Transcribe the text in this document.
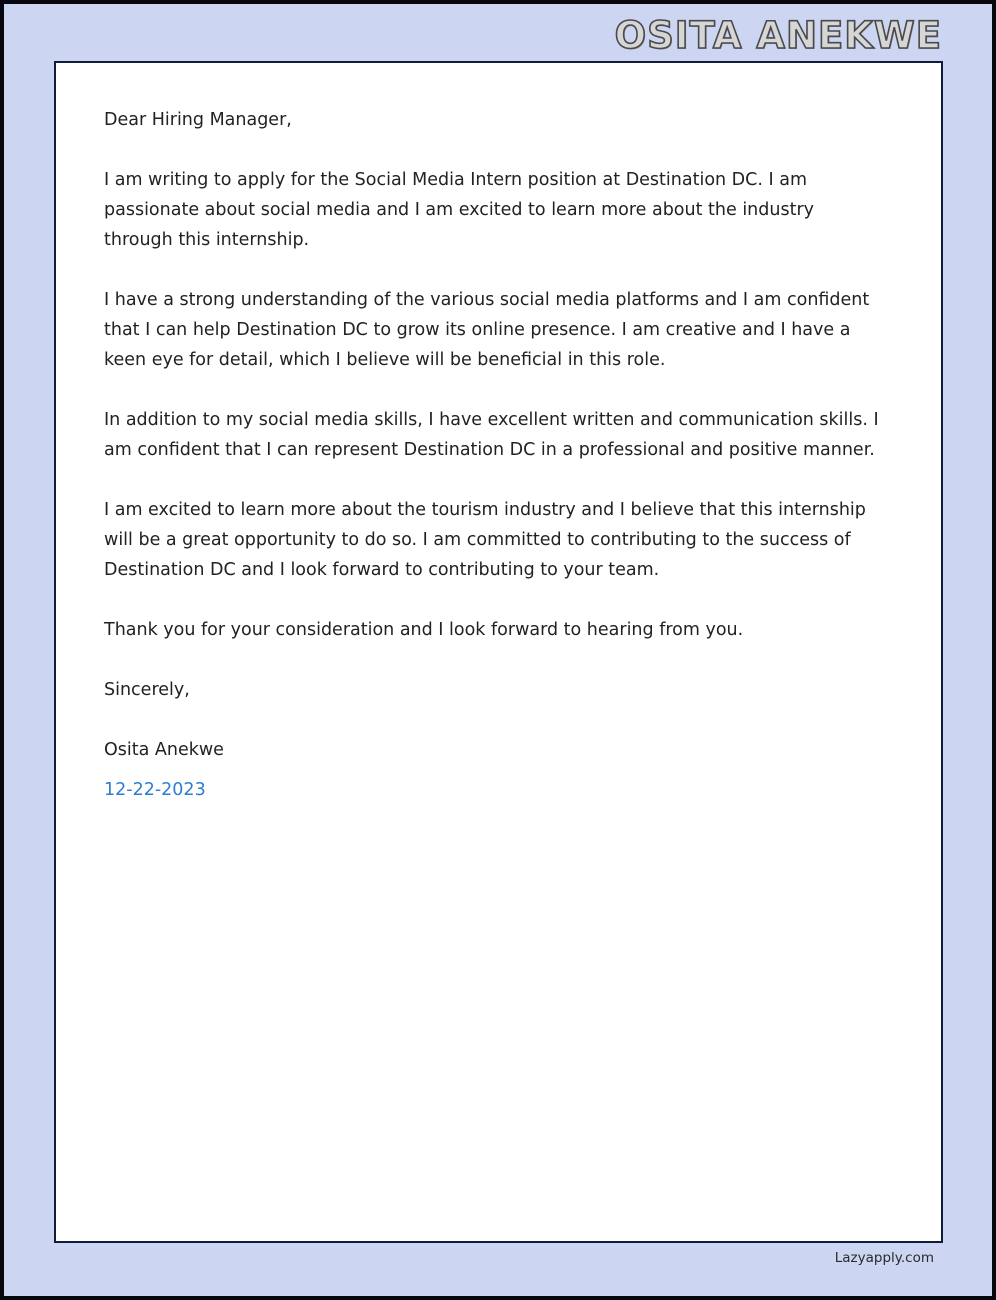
OSITA ANEKWE

Dear Hiring Manager,

I am writing to apply for the Social Media Intern position at Destination DC. I am passionate about social media and I am excited to learn more about the industry through this internship.

I have a strong understanding of the various social media platforms and I am confident that I can help Destination DC to grow its online presence. I am creative and I have a keen eye for detail, which I believe will be beneficial in this role.

In addition to my social media skills, I have excellent written and communication skills. I am confident that I can represent Destination DC in a professional and positive manner.

I am excited to learn more about the tourism industry and I believe that this internship will be a great opportunity to do so. I am committed to contributing to the success of Destination DC and I look forward to contributing to your team.

Thank you for your consideration and I look forward to hearing from you.

Sincerely,

Osita Anekwe

12-22-2023

Lazyapply.com
